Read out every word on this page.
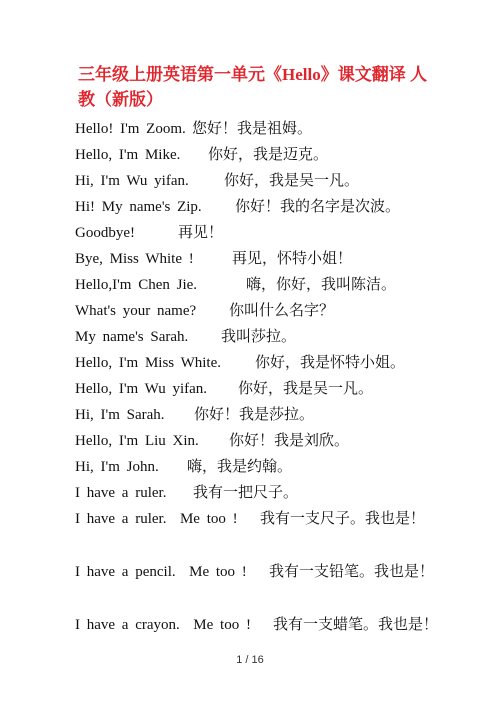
三年级上册英语第一单元《Hello》课文翻译 人教（新版）
Hello! I'm Zoom. 您好！我是祖姆。
Hello, I'm Mike.	你好，我是迈克。
Hi, I'm Wu yifan.	你好，我是吴一凡。
Hi! My name's Zip.	你好！我的名字是次波。
Goodbye!	再见！
Bye, Miss White !	再见，怀特小姐！
Hello,I'm Chen Jie.	嗨，你好，我叫陈洁。
What's your name?	你叫什么名字？
My name's Sarah.	我叫莎拉。
Hello, I'm Miss White.	你好，我是怀特小姐。
Hello, I'm Wu yifan.	你好，我是吴一凡。
Hi, I'm Sarah.	你好！我是莎拉。
Hello, I'm Liu Xin.	你好！我是刘欣。
Hi, I'm John.	嗨，我是约翰。
I have a ruler.	我有一把尺子。
I have a ruler.  Me too !	我有一支尺子。我也是！
I have a pencil.  Me too !	我有一支铅笔。我也是！
I have a crayon.  Me too !	我有一支蜡笔。我也是！
1 / 16
